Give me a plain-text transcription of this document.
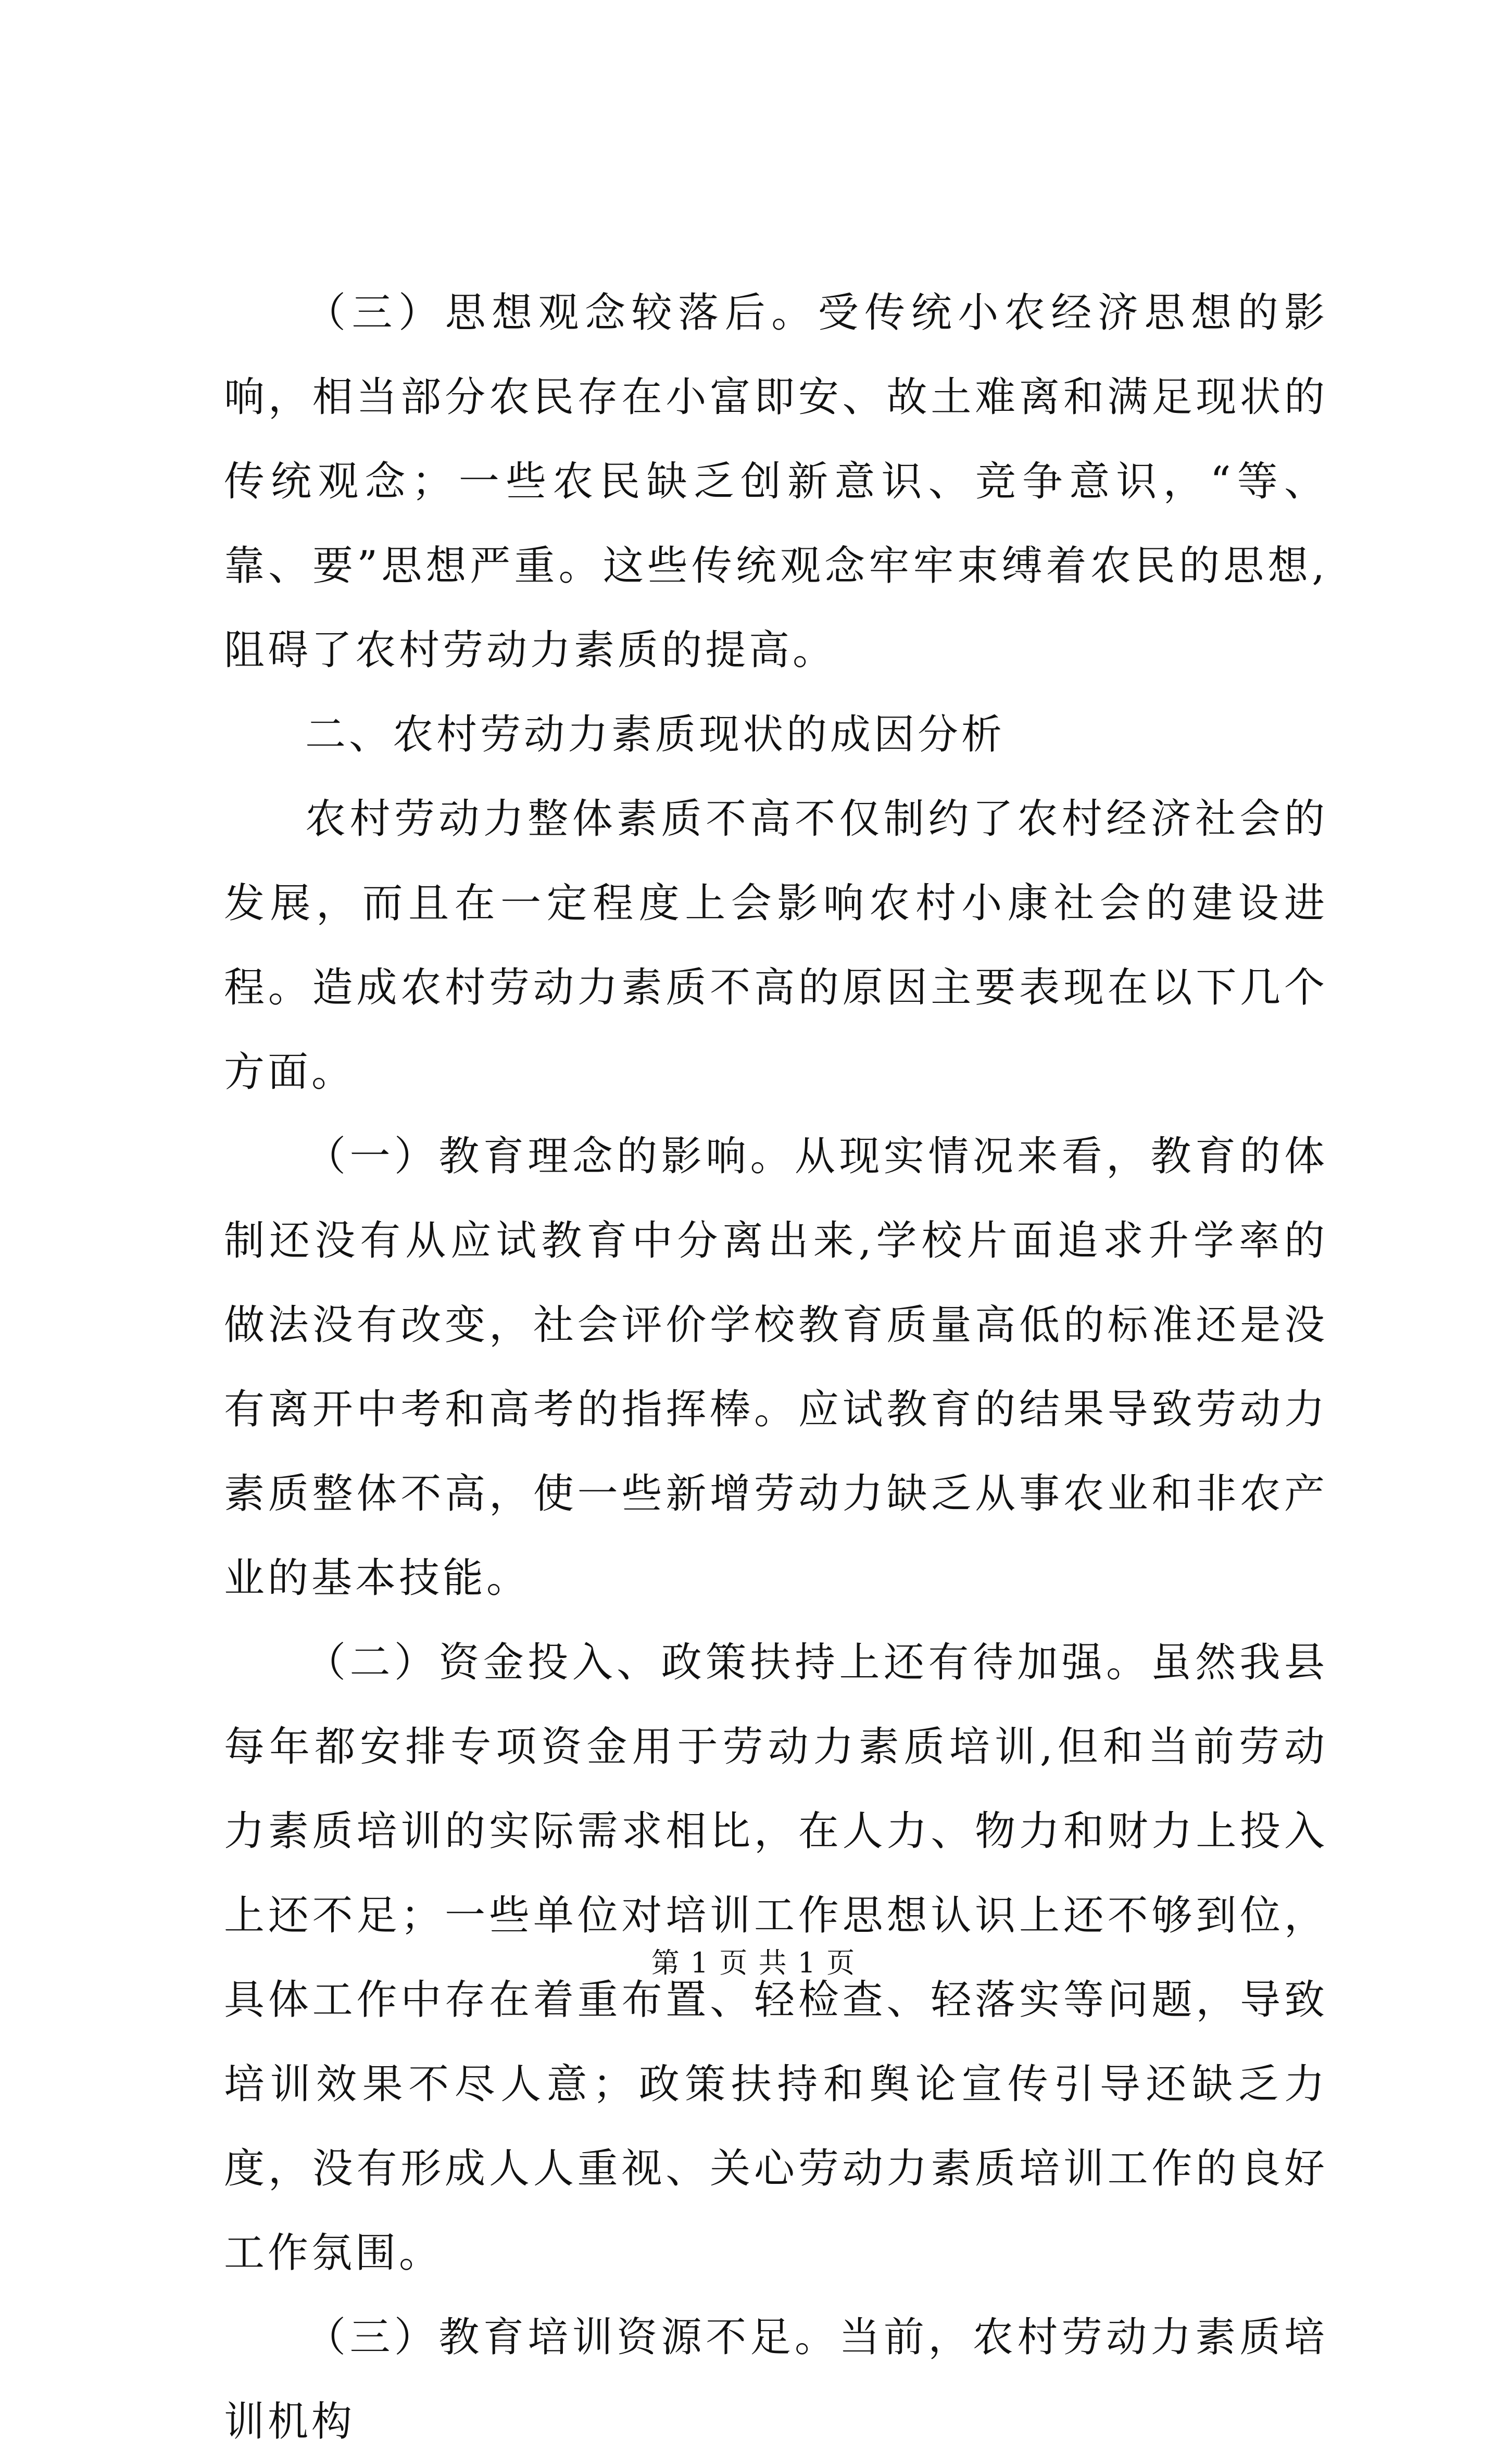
（三）思想观念较落后。受传统小农经济思想的影响，相当部分农民存在小富即安、故土难离和满足现状的传统观念；一些农民缺乏创新意识、竞争意识，“等、靠、要”思想严重。这些传统观念牢牢束缚着农民的思想,阻碍了农村劳动力素质的提高。

二、农村劳动力素质现状的成因分析

农村劳动力整体素质不高不仅制约了农村经济社会的发展，而且在一定程度上会影响农村小康社会的建设进程。造成农村劳动力素质不高的原因主要表现在以下几个方面。

（一）教育理念的影响。从现实情况来看，教育的体制还没有从应试教育中分离出来,学校片面追求升学率的做法没有改变，社会评价学校教育质量高低的标准还是没有离开中考和高考的指挥棒。应试教育的结果导致劳动力素质整体不高，使一些新增劳动力缺乏从事农业和非农产业的基本技能。

（二）资金投入、政策扶持上还有待加强。虽然我县每年都安排专项资金用于劳动力素质培训,但和当前劳动力素质培训的实际需求相比，在人力、物力和财力上投入上还不足；一些单位对培训工作思想认识上还不够到位，具体工作中存在着重布置、轻检查、轻落实等问题，导致培训效果不尽人意；政策扶持和舆论宣传引导还缺乏力度，没有形成人人重视、关心劳动力素质培训工作的良好工作氛围。

（三）教育培训资源不足。当前，农村劳动力素质培训机构

第 1 页 共 1 页
